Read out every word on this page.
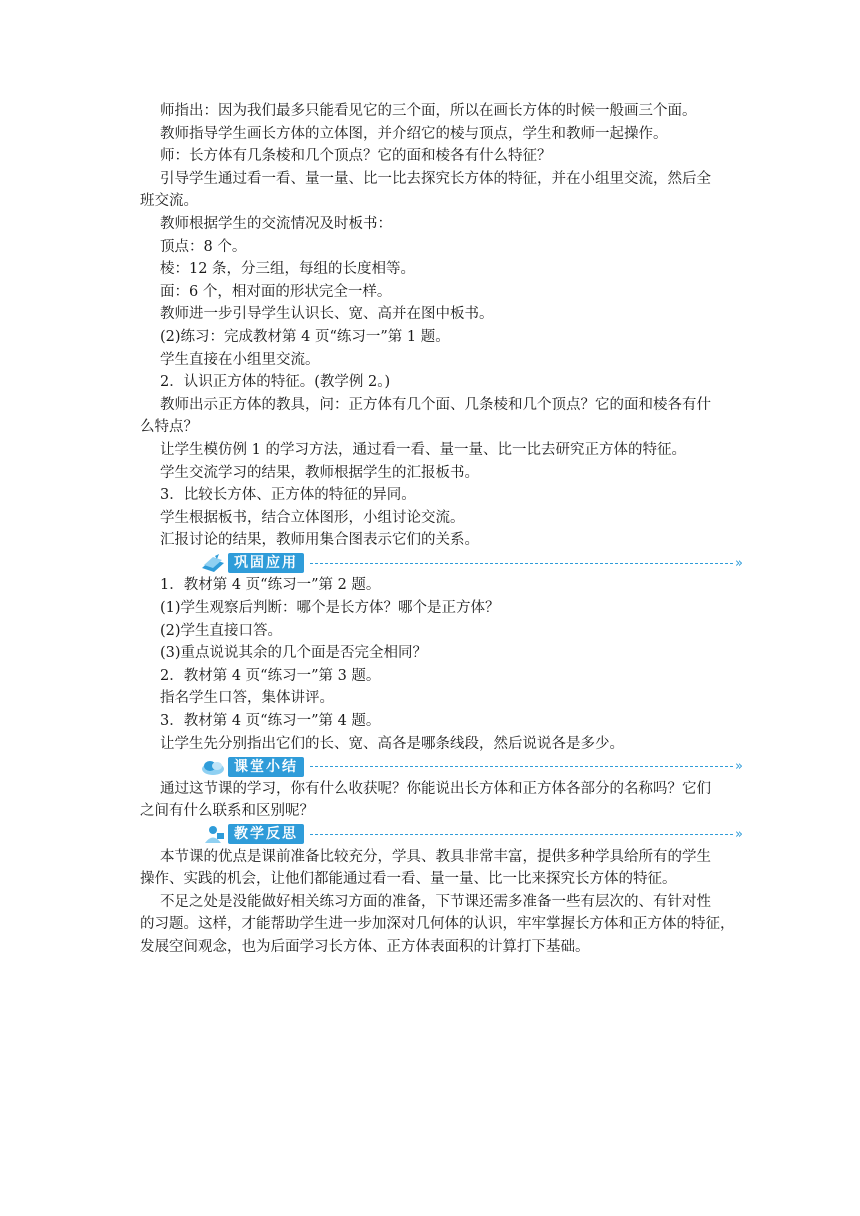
师指出：因为我们最多只能看见它的三个面，所以在画长方体的时候一般画三个面。
教师指导学生画长方体的立体图，并介绍它的棱与顶点，学生和教师一起操作。
师：长方体有几条棱和几个顶点？它的面和棱各有什么特征？
引导学生通过看一看、量一量、比一比去探究长方体的特征，并在小组里交流，然后全
班交流。
教师根据学生的交流情况及时板书：
顶点：8 个。
棱：12 条，分三组，每组的长度相等。
面：6 个，相对面的形状完全一样。
教师进一步引导学生认识长、宽、高并在图中板书。
(2)练习：完成教材第 4 页“练习一”第 1 题。
学生直接在小组里交流。
2．认识正方体的特征。(教学例 2。)
教师出示正方体的教具，问：正方体有几个面、几条棱和几个顶点？它的面和棱各有什
么特点？
让学生模仿例 1 的学习方法，通过看一看、量一量、比一比去研究正方体的特征。
学生交流学习的结果，教师根据学生的汇报板书。
3．比较长方体、正方体的特征的异同。
学生根据板书，结合立体图形，小组讨论交流。
汇报讨论的结果，教师用集合图表示它们的关系。
巩固应用	»
1．教材第 4 页“练习一”第 2 题。
(1)学生观察后判断：哪个是长方体？哪个是正方体？
(2)学生直接口答。
(3)重点说说其余的几个面是否完全相同？
2．教材第 4 页“练习一”第 3 题。
指名学生口答，集体讲评。
3．教材第 4 页“练习一”第 4 题。
让学生先分别指出它们的长、宽、高各是哪条线段，然后说说各是多少。
课堂小结	»
通过这节课的学习，你有什么收获呢？你能说出长方体和正方体各部分的名称吗？它们
之间有什么联系和区别呢？
教学反思	»
本节课的优点是课前准备比较充分，学具、教具非常丰富，提供多种学具给所有的学生
操作、实践的机会，让他们都能通过看一看、量一量、比一比来探究长方体的特征。
不足之处是没能做好相关练习方面的准备，下节课还需多准备一些有层次的、有针对性
的习题。这样，才能帮助学生进一步加深对几何体的认识，牢牢掌握长方体和正方体的特征，
发展空间观念，也为后面学习长方体、正方体表面积的计算打下基础。
